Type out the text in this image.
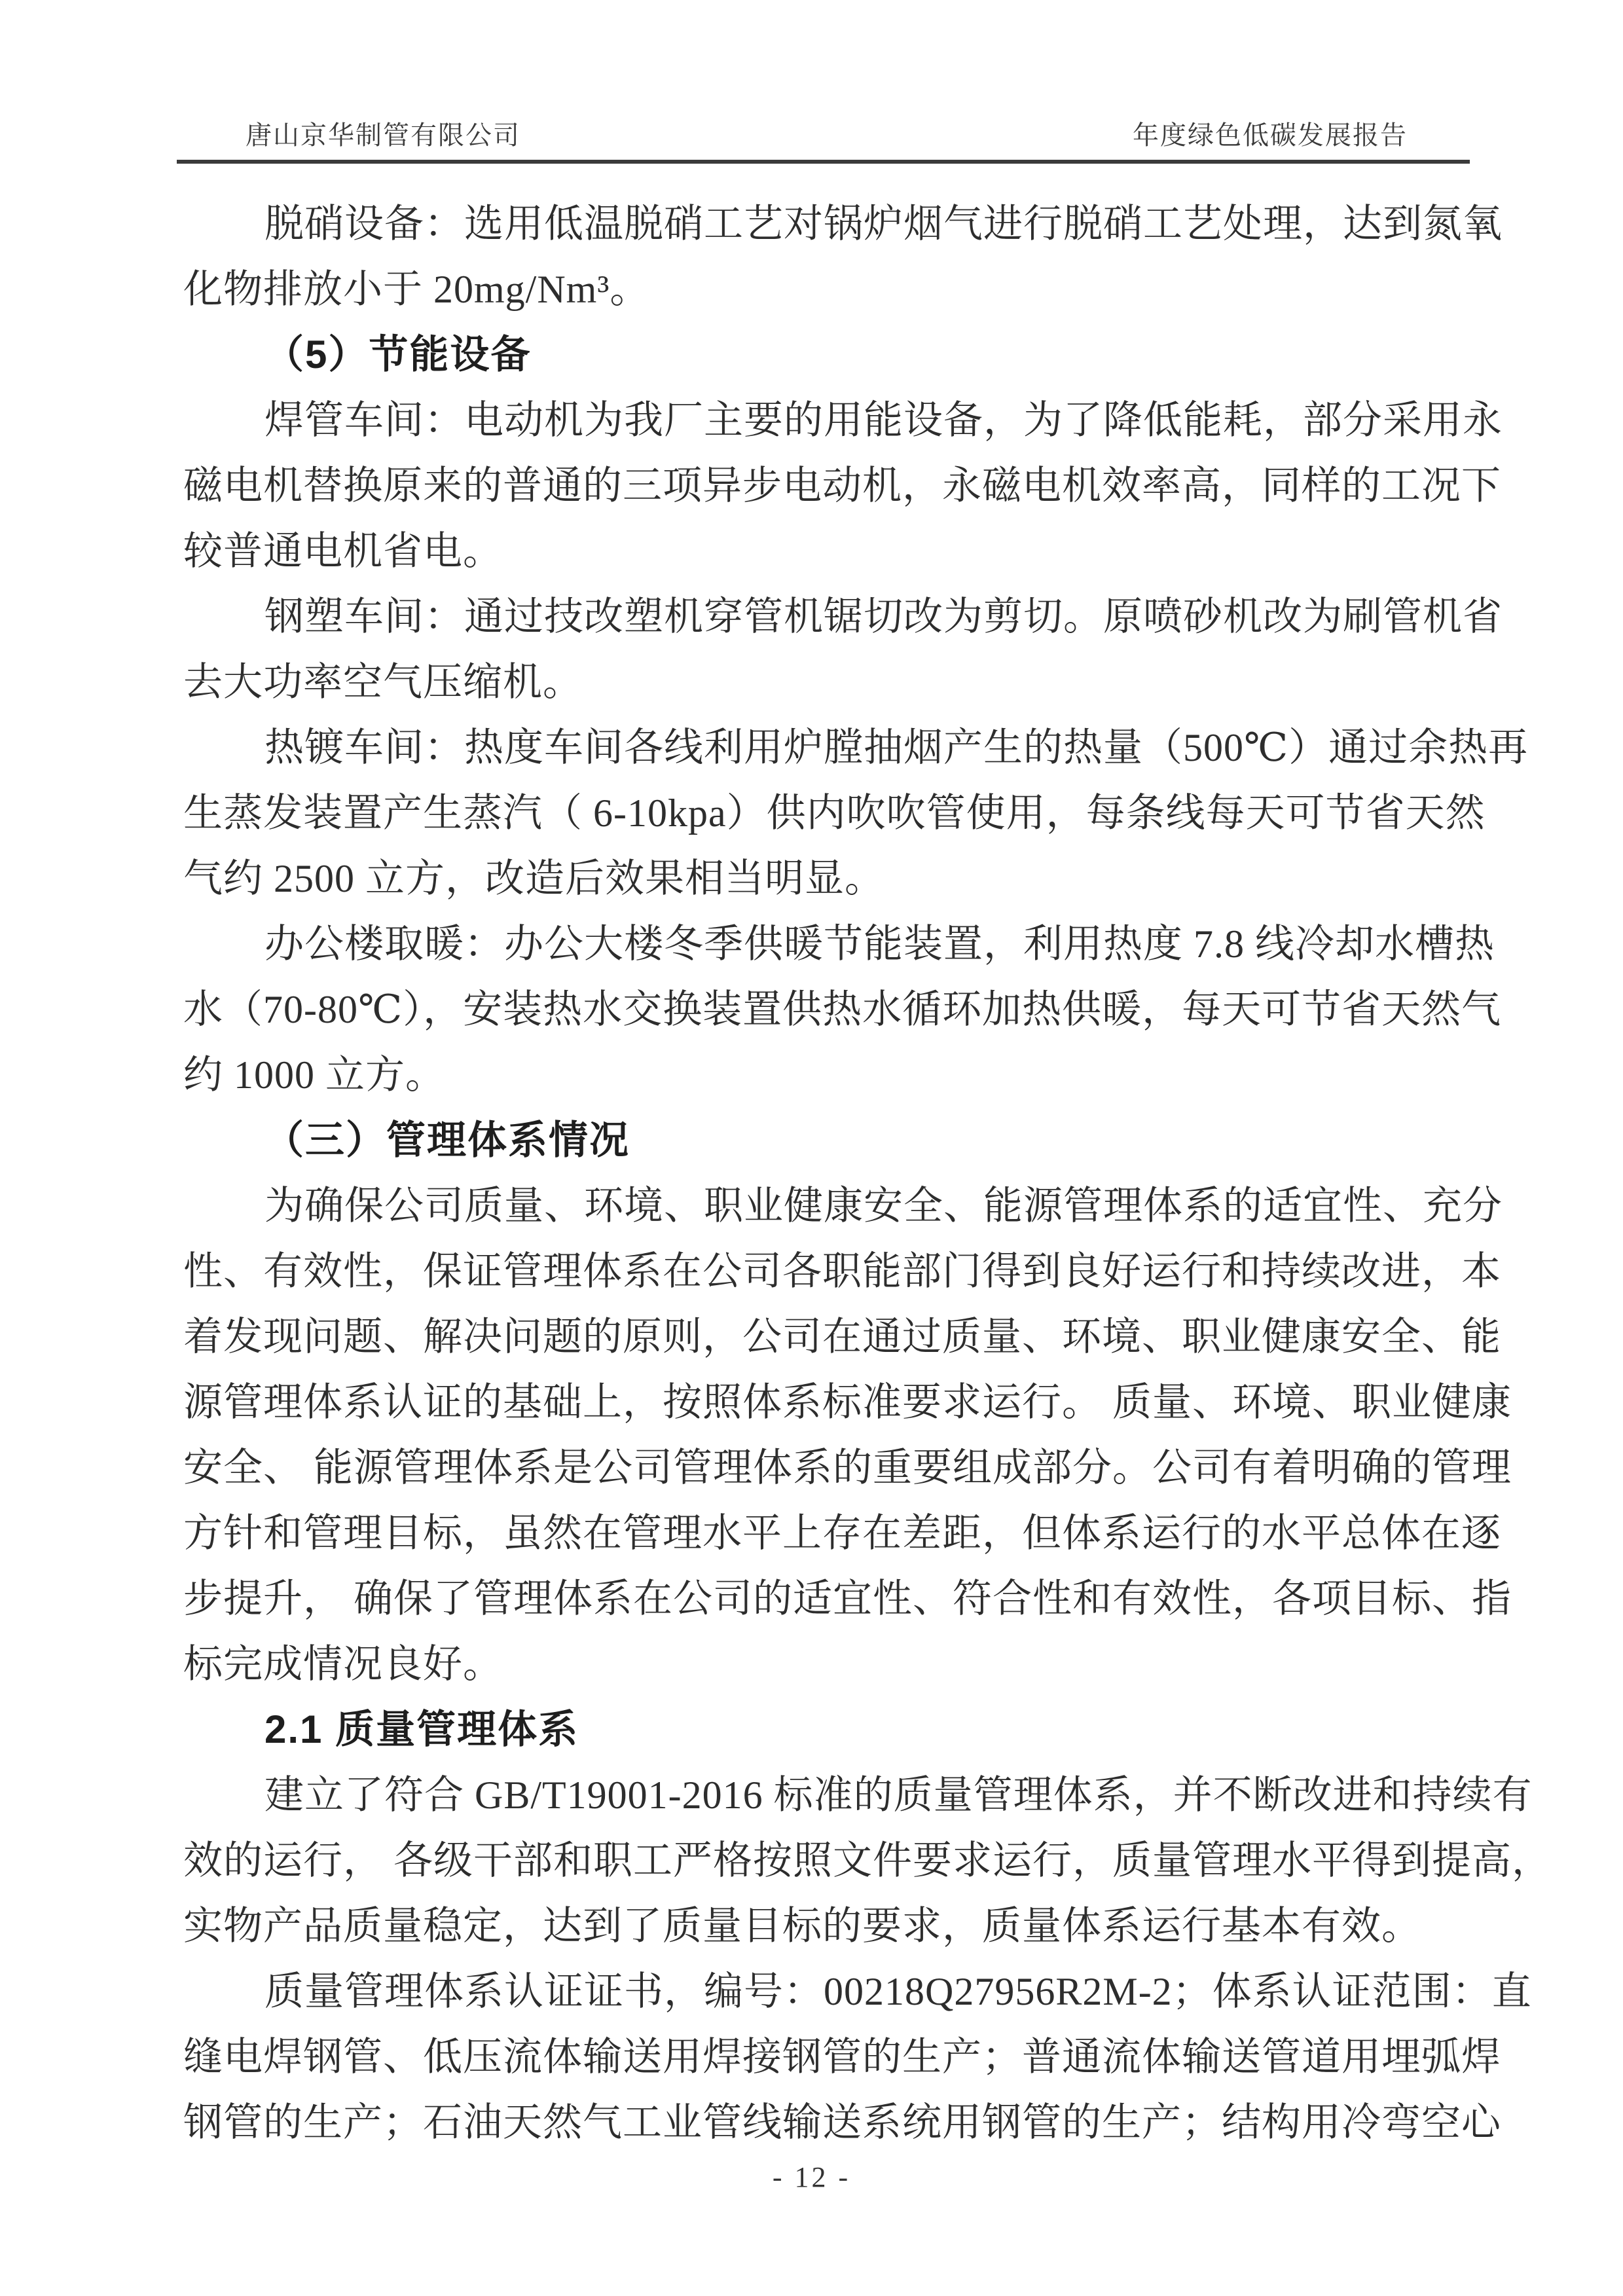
唐山京华制管有限公司	年度绿色低碳发展报告
脱硝设备：选用低温脱硝工艺对锅炉烟气进行脱硝工艺处理，达到氮氧
化物排放小于 20mg/Nm³。
（5）节能设备
焊管车间：电动机为我厂主要的用能设备，为了降低能耗，部分采用永
磁电机替换原来的普通的三项异步电动机，永磁电机效率高，同样的工况下
较普通电机省电。
钢塑车间：通过技改塑机穿管机锯切改为剪切。原喷砂机改为刷管机省
去大功率空气压缩机。
热镀车间：热度车间各线利用炉膛抽烟产生的热量（500℃）通过余热再
生蒸发装置产生蒸汽（ 6-10kpa）供内吹吹管使用，每条线每天可节省天然
气约 2500 立方，改造后效果相当明显。
办公楼取暖：办公大楼冬季供暖节能装置，利用热度 7.8 线冷却水槽热
水（70-80℃），安装热水交换装置供热水循环加热供暖，每天可节省天然气
约 1000 立方。
（三）管理体系情况
为确保公司质量、环境、职业健康安全、能源管理体系的适宜性、充分
性、有效性，保证管理体系在公司各职能部门得到良好运行和持续改进，本
着发现问题、解决问题的原则，公司在通过质量、环境、职业健康安全、能
源管理体系认证的基础上，按照体系标准要求运行。 质量、环境、职业健康
安全、 能源管理体系是公司管理体系的重要组成部分。公司有着明确的管理
方针和管理目标，虽然在管理水平上存在差距，但体系运行的水平总体在逐
步提升， 确保了管理体系在公司的适宜性、符合性和有效性，各项目标、指
标完成情况良好。
2.1 质量管理体系
建立了符合 GB/T19001-2016 标准的质量管理体系，并不断改进和持续有
效的运行， 各级干部和职工严格按照文件要求运行，质量管理水平得到提高，
实物产品质量稳定，达到了质量目标的要求，质量体系运行基本有效。
质量管理体系认证证书，编号：00218Q27956R2M-2；体系认证范围：直
缝电焊钢管、低压流体输送用焊接钢管的生产；普通流体输送管道用埋弧焊
钢管的生产；石油天然气工业管线输送系统用钢管的生产；结构用冷弯空心
- 12 -
